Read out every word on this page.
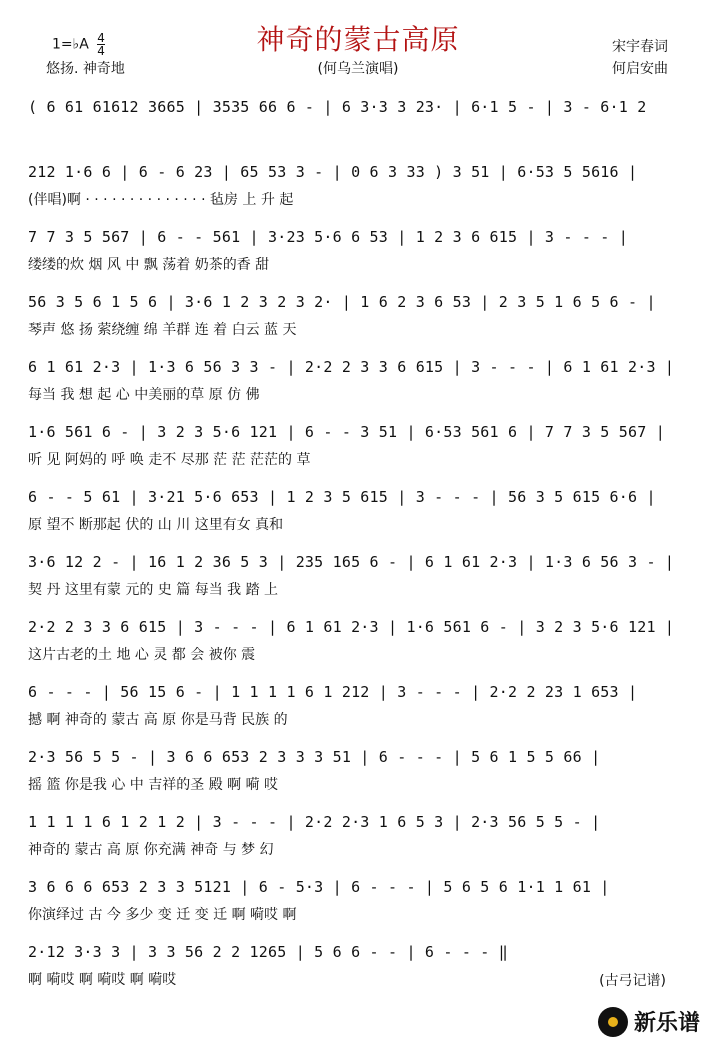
1=♭A $\frac{4}{4}$
悠扬. 神奇地
神奇的蒙古高原
(何乌兰演唱)
宋宇春词
何启安曲
( 6 61 61612 3665 | 3535 66 6 - | 6 3·3 3 23· | 6·1 5 - | 3 - 6·1 2
212 1·6 6 | 6 - 6 23 | 65 53 3 - | 0 6 3 33 ) 3 51 | 6·53 5 5616 |
(伴唱)啊 · · · · · · · · · · · · · · 毡房 上 升 起
7 7 3 5 567 | 6 - - 561 | 3·23 5·6 6 53 | 1 2 3 6 615 | 3 - - - |
缕缕的炊 烟 风 中 飘 荡着 奶茶的香 甜
56 3 5 6 1 5 6 | 3·6 1 2 3 2 3 2· | 1 6 2 3 6 53 | 2 3 5 1 6 5 6 - |
琴声 悠 扬 萦绕缠 绵 羊群 连 着 白云 蓝 天
6 1 61 2·3 | 1·3 6 56 3 3 - | 2·2 2 3 3 6 615 | 3 - - - | 6 1 61 2·3 |
每当 我 想 起 心 中美丽的草 原 仿 佛
1·6 561 6 - | 3 2 3 5·6 121 | 6 - - 3 51 | 6·53 561 6 | 7 7 3 5 567 |
听 见 阿妈的 呼 唤 走不 尽那 茫 茫 茫茫的 草
6 - - 5 61 | 3·21 5·6 653 | 1 2 3 5 615 | 3 - - - | 56 3 5 615 6·6 |
原 望不 断那起 伏的 山 川 这里有女 真和
3·6 12 2 - | 16 1 2 36 5 3 | 235 165 6 - | 6 1 61 2·3 | 1·3 6 56 3 - |
契 丹 这里有蒙 元的 史 篇 每当 我 踏 上
2·2 2 3 3 6 615 | 3 - - - | 6 1 61 2·3 | 1·6 561 6 - | 3 2 3 5·6 121 |
这片古老的土 地 心 灵 都 会 被你 震
6 - - - | 56 15 6 - | 1 1 1 1 6 1 212 | 3 - - - | 2·2 2 23 1 653 |
撼 啊 神奇的 蒙古 高 原 你是马背 民族 的
2·3 56 5 5 - | 3 6 6 653 2 3 3 3 51 | 6 - - - | 5 6 1 5 5 66 |
摇 篮 你是我 心 中 吉祥的圣 殿 啊 嗬 哎
1 1 1 1 6 1 2 1 2 | 3 - - - | 2·2 2·3 1 6 5 3 | 2·3 56 5 5 - |
神奇的 蒙古 高 原 你充满 神奇 与 梦 幻
3 6 6 6 653 2 3 3 5121 | 6 - 5·3 | 6 - - - | 5 6 5 6 1·1 1 61 |
你演绎过 古 今 多少 变 迁 变 迁 啊 嗬哎 啊
2·12 3·3 3 | 3 3 56 2 2 1265 | 5 6 6 - - | 6 - - - ‖
啊 嗬哎 啊 嗬哎 啊 嗬哎	(古弓记谱)
新乐谱
